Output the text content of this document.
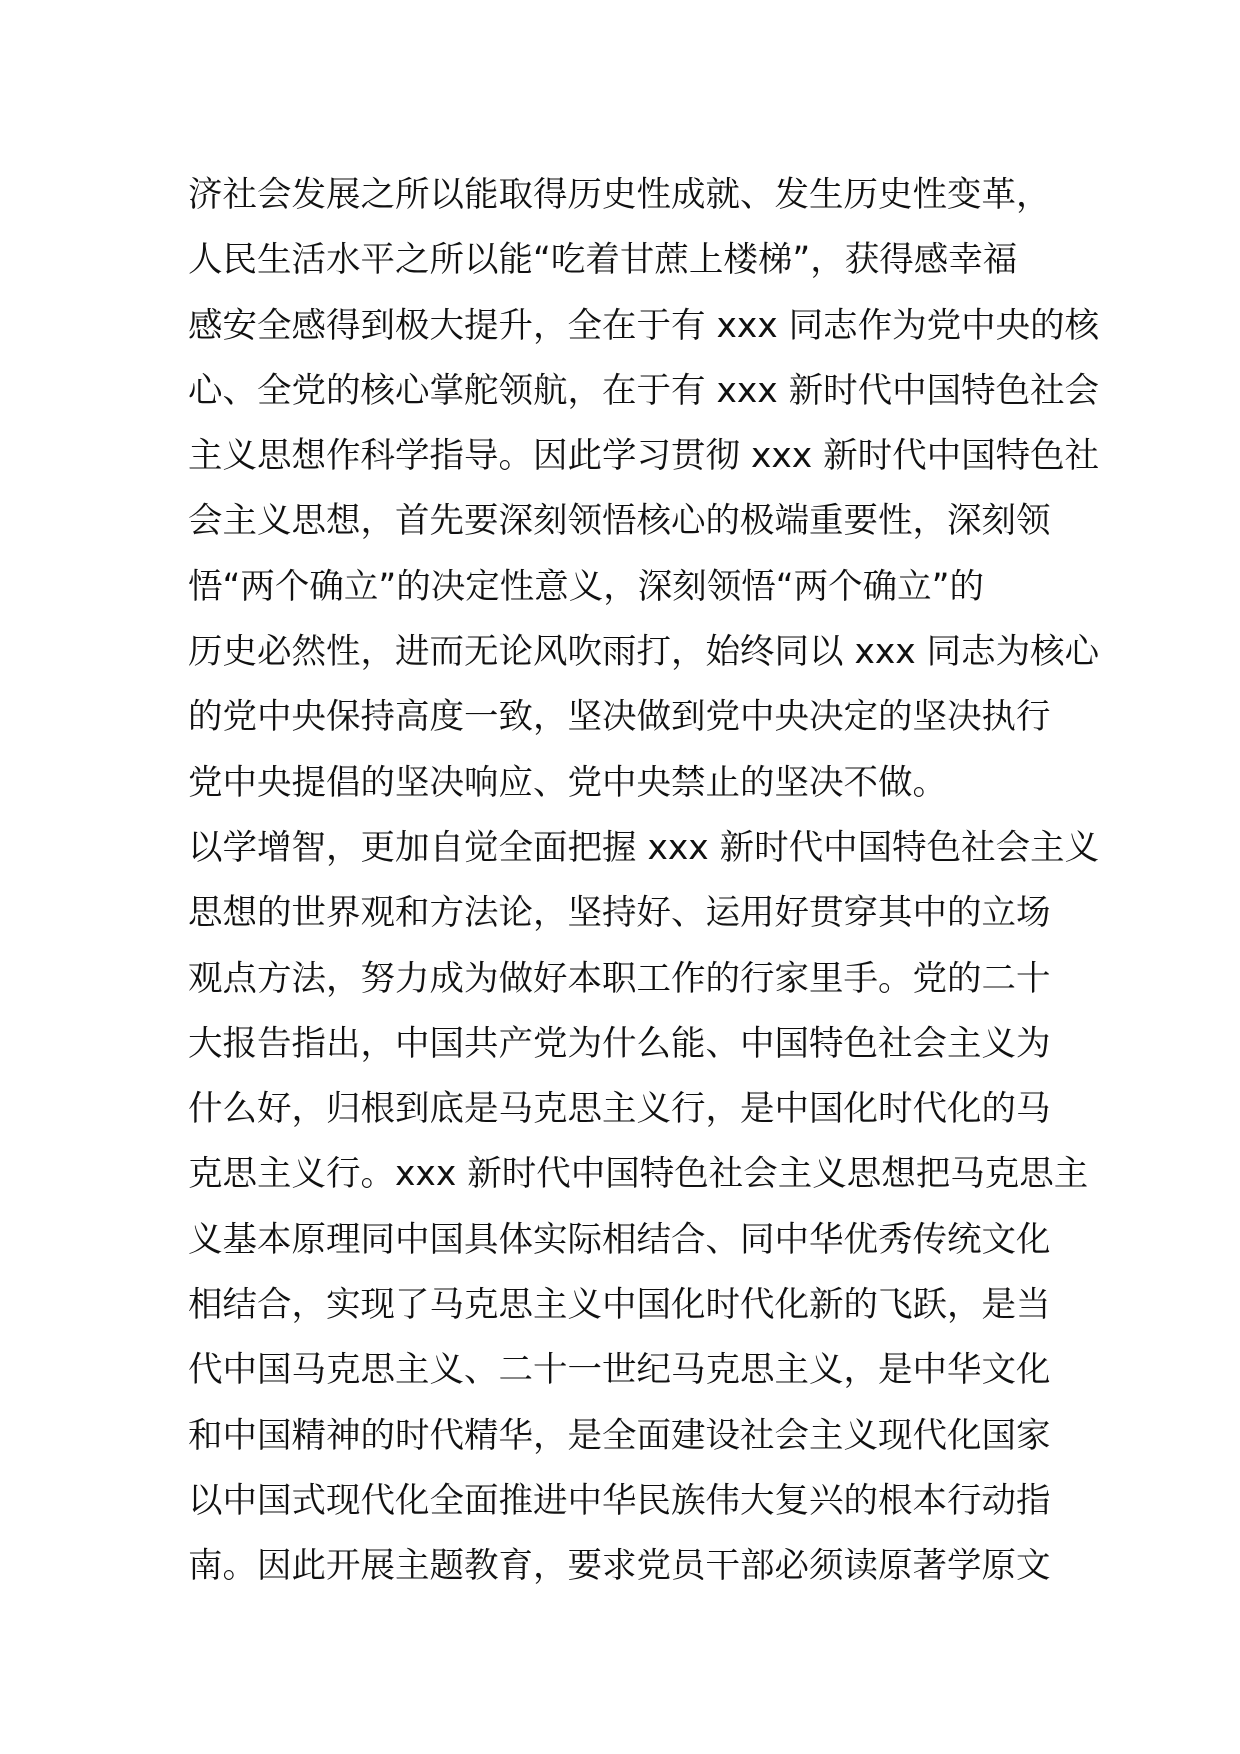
济社会发展之所以能取得历史性成就、发生历史性变革，
人民生活水平之所以能“吃着甘蔗上楼梯”，获得感幸福
感安全感得到极大提升，全在于有 xxx 同志作为党中央的核
心、全党的核心掌舵领航，在于有 xxx 新时代中国特色社会
主义思想作科学指导。因此学习贯彻 xxx 新时代中国特色社
会主义思想，首先要深刻领悟核心的极端重要性，深刻领
悟“两个确立”的决定性意义，深刻领悟“两个确立”的
历史必然性，进而无论风吹雨打，始终同以 xxx 同志为核心
的党中央保持高度一致，坚决做到党中央决定的坚决执行
党中央提倡的坚决响应、党中央禁止的坚决不做。
以学增智，更加自觉全面把握 xxx 新时代中国特色社会主义
思想的世界观和方法论，坚持好、运用好贯穿其中的立场
观点方法，努力成为做好本职工作的行家里手。党的二十
大报告指出，中国共产党为什么能、中国特色社会主义为
什么好，归根到底是马克思主义行，是中国化时代化的马
克思主义行。xxx 新时代中国特色社会主义思想把马克思主
义基本原理同中国具体实际相结合、同中华优秀传统文化
相结合，实现了马克思主义中国化时代化新的飞跃，是当
代中国马克思主义、二十一世纪马克思主义，是中华文化
和中国精神的时代精华，是全面建设社会主义现代化国家
以中国式现代化全面推进中华民族伟大复兴的根本行动指
南。因此开展主题教育，要求党员干部必须读原著学原文
